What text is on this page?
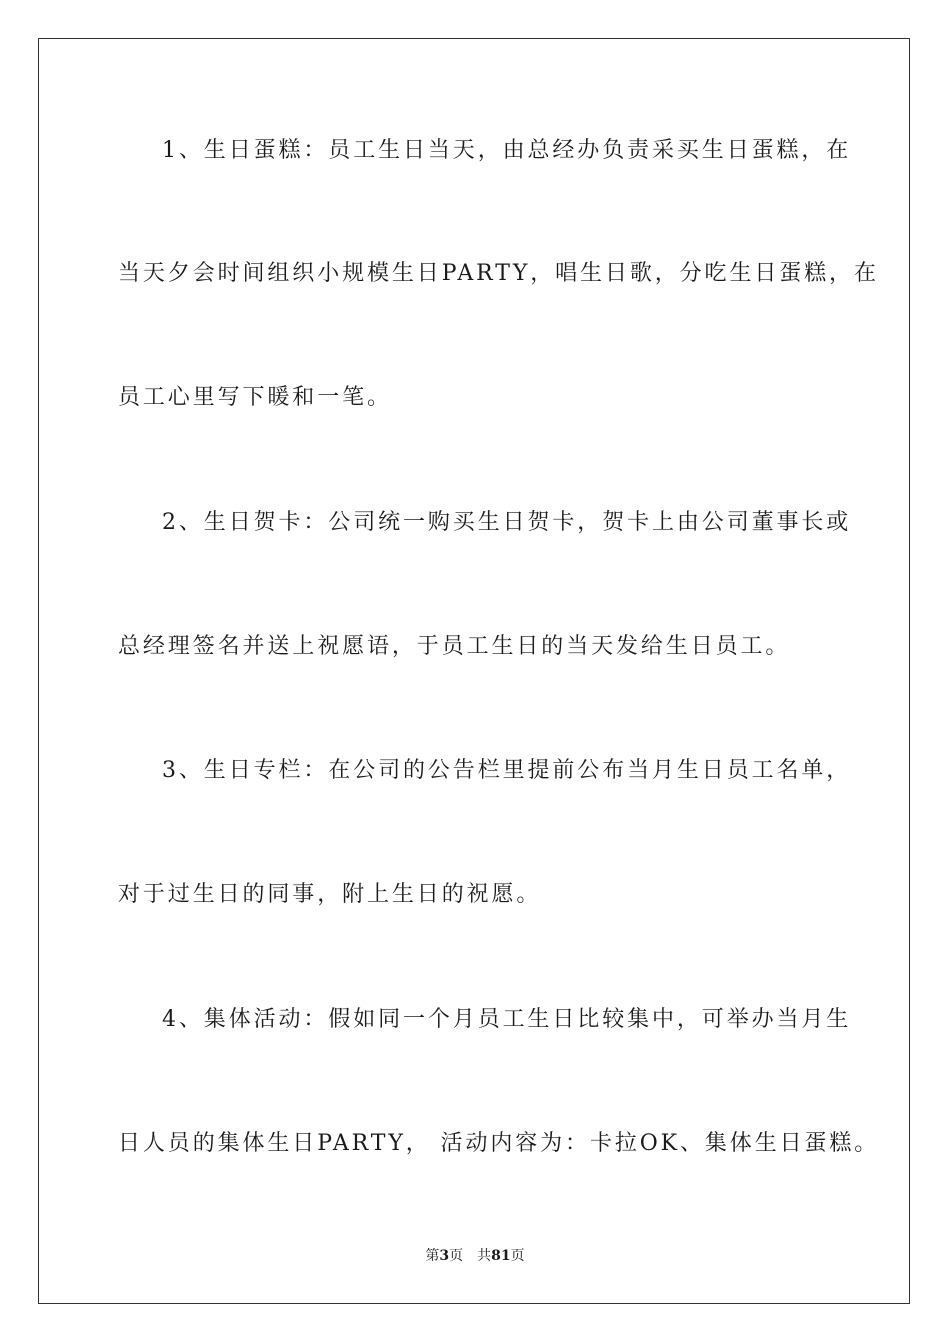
1、生日蛋糕：员工生日当天，由总经办负责采买生日蛋糕，在
当天夕会时间组织小规模生日PARTY，唱生日歌，分吃生日蛋糕，在
员工心里写下暖和一笔。
2、生日贺卡：公司统一购买生日贺卡，贺卡上由公司董事长或
总经理签名并送上祝愿语，于员工生日的当天发给生日员工。
3、生日专栏：在公司的公告栏里提前公布当月生日员工名单，
对于过生日的同事，附上生日的祝愿。
4、集体活动：假如同一个月员工生日比较集中，可举办当月生
日人员的集体生日PARTY， 活动内容为：卡拉OK、集体生日蛋糕。
第3页 共81页
